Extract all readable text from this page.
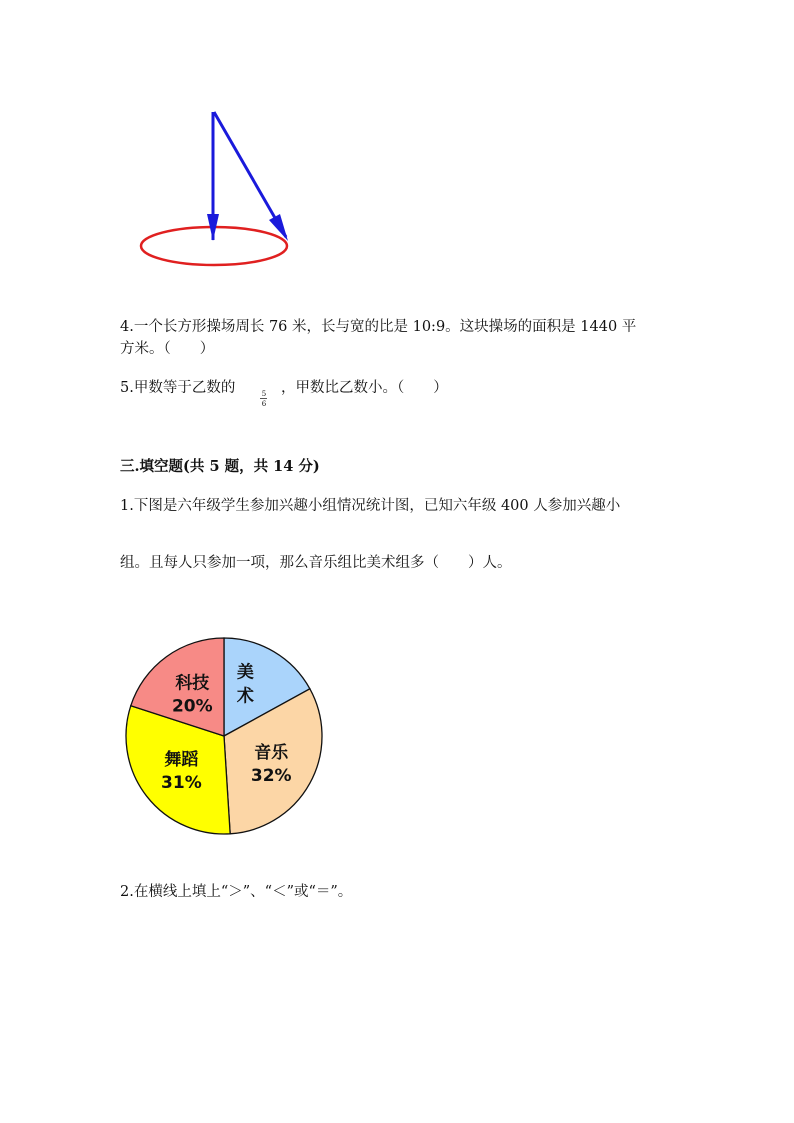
4.一个长方形操场周长 76 米，长与宽的比是 10:9。这块操场的面积是 1440 平
方米。（　　）
5.甲数等于乙数的	5
6
，甲数比乙数小。（　　）
三.填空题(共 5 题，共 14 分)
1.下图是六年级学生参加兴趣小组情况统计图，已知六年级 400 人参加兴趣小
组。且每人只参加一项，那么音乐组比美术组多（　　）人。
美
术
音乐
32%
舞蹈
31%
科技
20%
2.在横线上填上“＞”、“＜”或“＝”。
